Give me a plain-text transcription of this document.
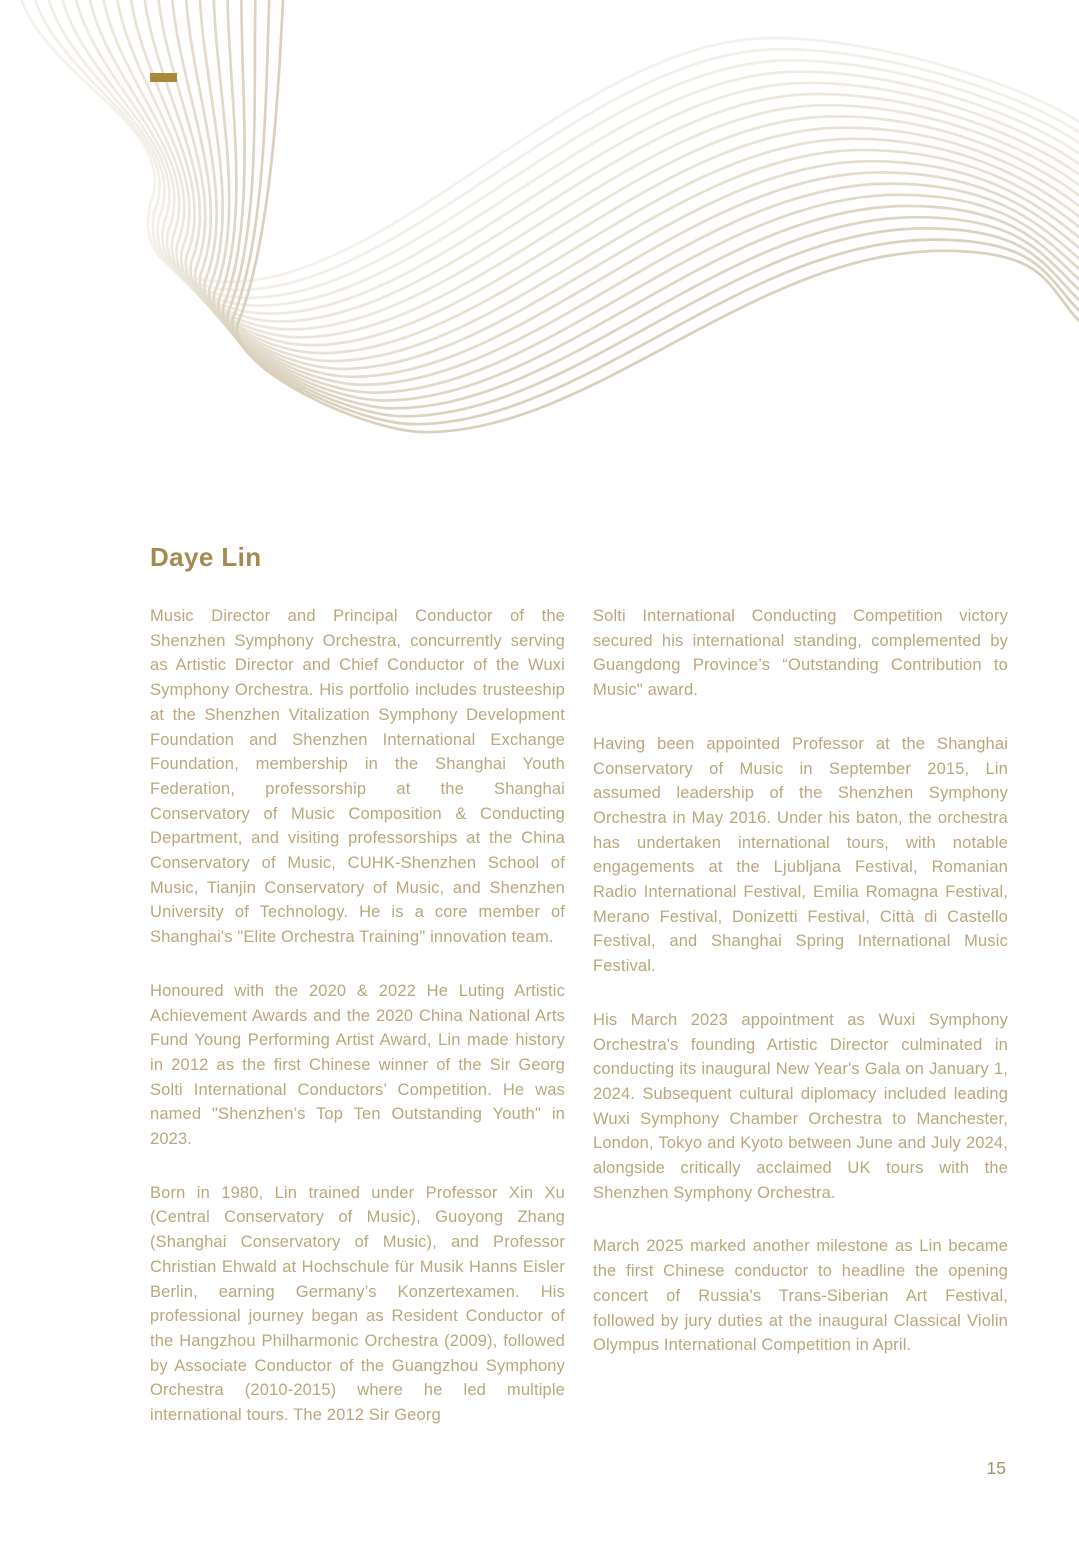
Daye Lin

Music Director and Principal Conductor of the Shenzhen Symphony Orchestra, concurrently serving as Artistic Director and Chief Conductor of the Wuxi Symphony Orchestra. His portfolio includes trusteeship at the Shenzhen Vitalization Symphony Development Foundation and Shenzhen International Exchange Foundation, membership in the Shanghai Youth Federation, professorship at the Shanghai Conservatory of Music Composition & Conducting Department, and visiting professorships at the China Conservatory of Music, CUHK-Shenzhen School of Music, Tianjin Conservatory of Music, and Shenzhen University of Technology. He is a core member of Shanghai's "Elite Orchestra Training" innovation team.

Honoured with the 2020 & 2022 He Luting Artistic Achievement Awards and the 2020 China National Arts Fund Young Performing Artist Award, Lin made history in 2012 as the first Chinese winner of the Sir Georg Solti International Conductors’ Competition. He was named "Shenzhen’s Top Ten Outstanding Youth" in 2023.

Born in 1980, Lin trained under Professor Xin Xu (Central Conservatory of Music), Guoyong Zhang (Shanghai Conservatory of Music), and Professor Christian Ehwald at Hochschule für Musik Hanns Eisler Berlin, earning Germany’s Konzertexamen. His professional journey began as Resident Conductor of the Hangzhou Philharmonic Orchestra (2009), followed by Associate Conductor of the Guangzhou Symphony Orchestra (2010-2015) where he led multiple international tours. The 2012 Sir Georg

Solti International Conducting Competition victory secured his international standing, complemented by Guangdong Province’s “Outstanding Contribution to Music" award.

Having been appointed Professor at the Shanghai Conservatory of Music in September 2015, Lin assumed leadership of the Shenzhen Symphony Orchestra in May 2016. Under his baton, the orchestra has undertaken international tours, with notable engagements at the Ljubljana Festival, Romanian Radio International Festival, Emilia Romagna Festival, Merano Festival, Donizetti Festival, Città di Castello Festival, and Shanghai Spring International Music Festival.

His March 2023 appointment as Wuxi Symphony Orchestra's founding Artistic Director culminated in conducting its inaugural New Year's Gala on January 1, 2024. Subsequent cultural diplomacy included leading Wuxi Symphony Chamber Orchestra to Manchester, London, Tokyo and Kyoto between June and July 2024, alongside critically acclaimed UK tours with the Shenzhen Symphony Orchestra.

March 2025 marked another milestone as Lin became the first Chinese conductor to headline the opening concert of Russia's Trans-Siberian Art Festival, followed by jury duties at the inaugural Classical Violin Olympus International Competition in April.

15
